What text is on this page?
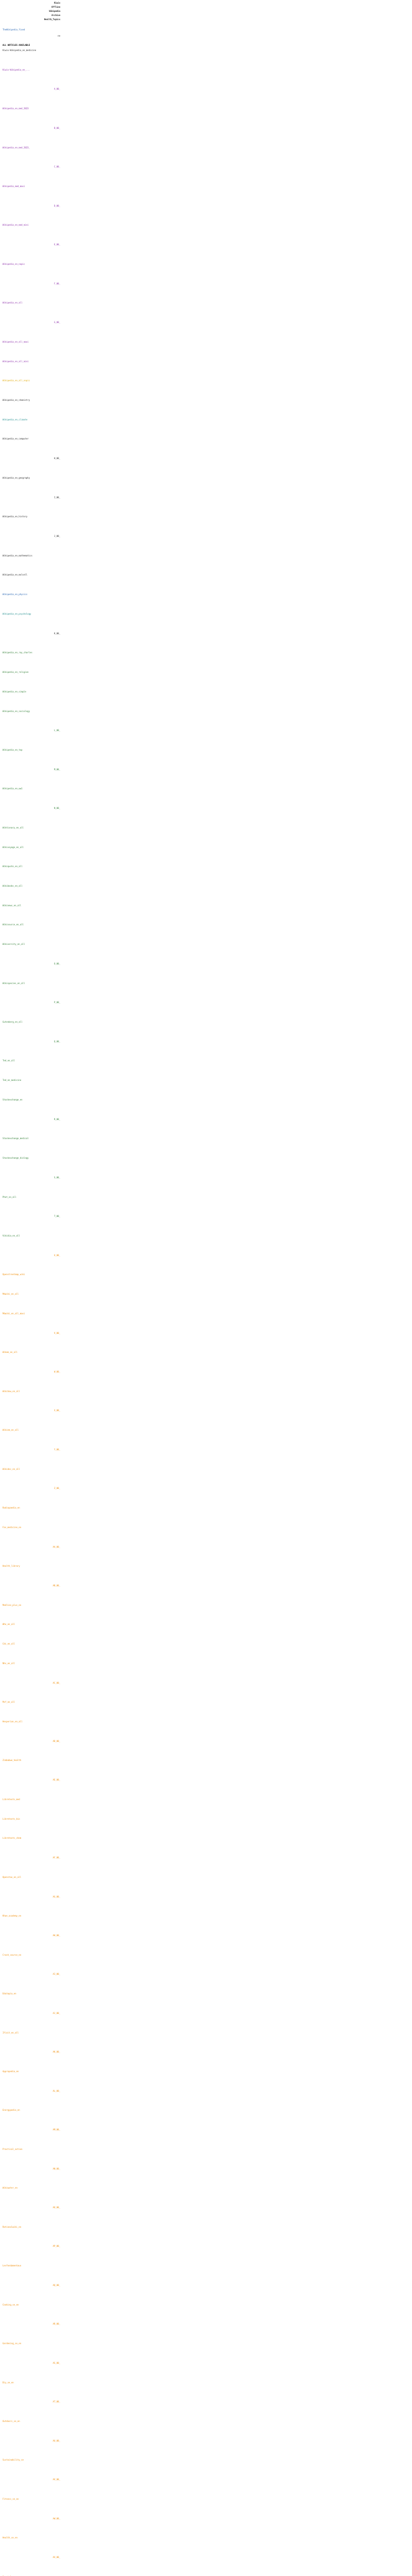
Kiwix
Offline
Wikipedia
Archive
Health_Topics
TheWikipedia_fixed
ne
ALL ARTICLES AVAILABLE
Kiwix-Wikipedia_en_medicine
Kiwix-Wikipedia_en_...
A_00_
Wikipedia_en_med_2023
B_00_
Wikipedia_en_med_2023_
C_00_
Wikipedia_med_maxi
D_00_
Wikipedia_en_med_mini
E_00_
Wikipedia_en_nopic
F_00_
Wikipedia_en_all
G_00_
Wikipedia_en_all_maxi
Wikipedia_en_all_mini
Wikipedia_en_all_nopic
Wikipedia_en_chemistry
Wikipedia_en_climate
Wikipedia_en_computer
H_00_
Wikipedia_en_geography
I_00_
Wikipedia_en_history
J_00_
Wikipedia_en_mathematics
Wikipedia_en_molcell
Wikipedia_en_physics
Wikipedia_en_psychology
K_00_
Wikipedia_en_ray_charles
Wikipedia_en_religion
Wikipedia_en_simple
Wikipedia_en_sociology
L_00_
Wikipedia_en_top
M_00_
Wikipedia_en_ww1
N_00_
Wiktionary_en_all
Wikivoyage_en_all
Wikiquote_en_all
Wikibooks_en_all
Wikinews_en_all
Wikisource_en_all
Wikiversity_en_all
O_00_
Wikispecies_en_all
P_00_
Gutenberg_en_all
Q_00_
Ted_en_all
Ted_en_medicine
Stackexchange_en
R_00_
Stackexchange_medical
Stackexchange_biology
S_00_
Phet_en_all
T_00_
Vikidia_en_all
U_00_
Openstreetmap_wiki
Mdwiki_en_all
Mdwiki_en_all_maxi
V_00_
Wikem_en_all
W_00_
Wikihow_en_all
X_00_
Wikiem_en_all
Y_00_
Wikidoc_en_all
Z_00_
Radiopaedia_en
Fas_medicine_en
AA_00_
Health_library
AB_00_
Medline_plus_en
Who_en_all
Cdc_en_all
Nhs_en_all
AC_00_
Msf_en_all
Hesperian_en_all
AD_00_
Zimbabwe_health
AE_00_
Libretexts_med
Libretexts_bio
Libretexts_chem
AF_00_
Openstax_en_all
AG_00_
Khan_academy_en
AH_00_
Crash_course_en
AI_00_
Edutopia_en
AJ_00_
Ifixit_en_all
AK_00_
Appropedia_en
AL_00_
Energypedia_en
AM_00_
Practical_action
AN_00_
Wikiwater_en
AO_00_
Rationalwiki_en
AP_00_
Lesfondamentaux
AQ_00_
Cooking_se_en
AR_00_
Gardening_se_en
AS_00_
Diy_se_en
AT_00_
Outdoors_se_en
AU_00_
Sustainability_se
AV_00_
Fitness_se_en
AW_00_
Health_se_en
AX_00_
